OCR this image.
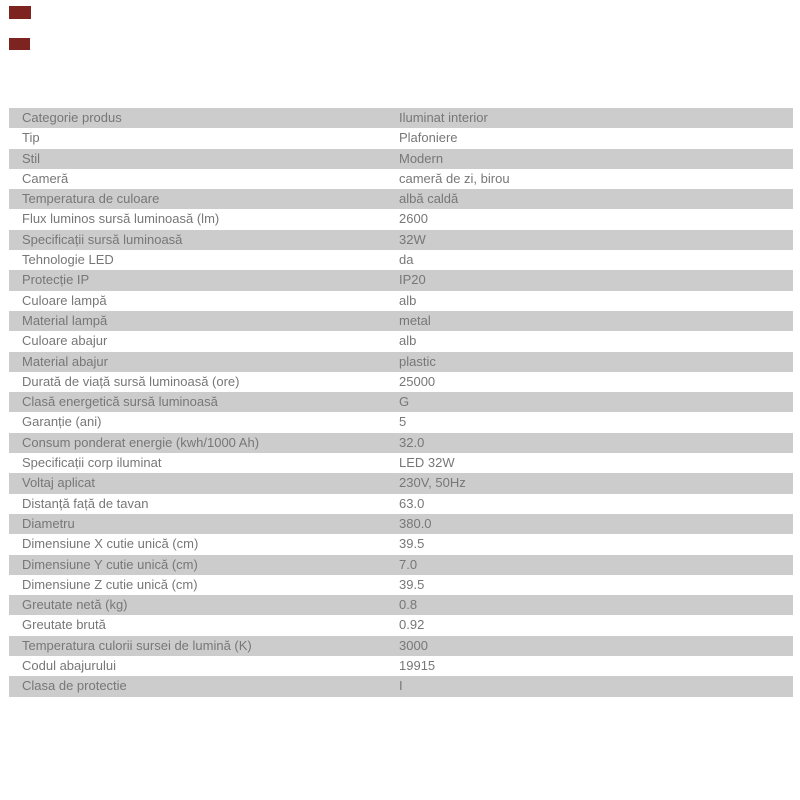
Categorie produs	Iluminat interior
Tip	Plafoniere
Stil	Modern
Cameră	cameră de zi, birou
Temperatura de culoare	albă caldă
Flux luminos sursă luminoasă (lm)	2600
Specificații sursă luminoasă	32W
Tehnologie LED	da
Protecție IP	IP20
Culoare lampă	alb
Material lampă	metal
Culoare abajur	alb
Material abajur	plastic
Durată de viață sursă luminoasă (ore)	25000
Clasă energetică sursă luminoasă	G
Garanție (ani)	5
Consum ponderat energie (kwh/1000 Ah)	32.0
Specificații corp iluminat	LED 32W
Voltaj aplicat	230V, 50Hz
Distanță față de tavan	63.0
Diametru	380.0
Dimensiune X cutie unică (cm)	39.5
Dimensiune Y cutie unică (cm)	7.0
Dimensiune Z cutie unică (cm)	39.5
Greutate netă (kg)	0.8
Greutate brută	0.92
Temperatura culorii sursei de lumină (K)	3000
Codul abajurului	19915
Clasa de protectie	I
